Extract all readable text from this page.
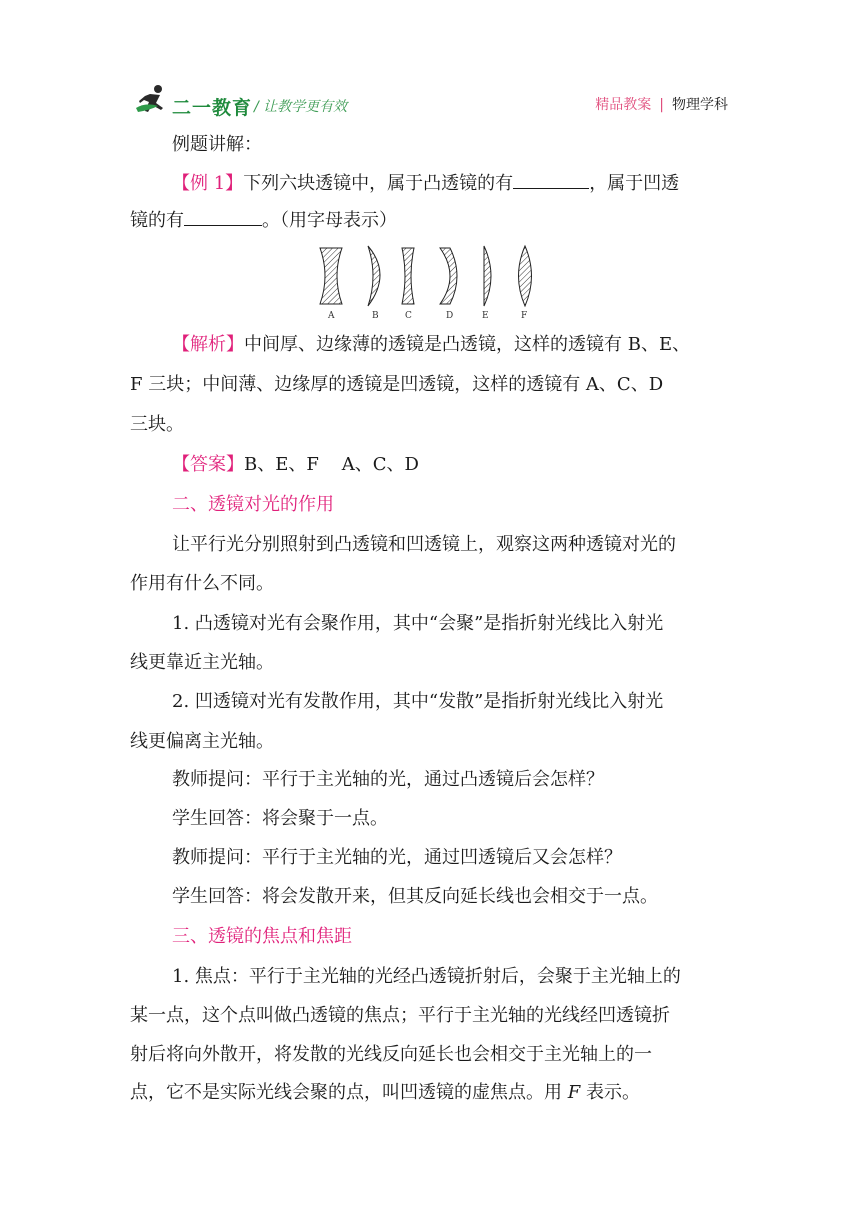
二一教育 / 让教学更有效	精品教案 | 物理学科
例题讲解：
【例 1】下列六块透镜中，属于凸透镜的有	，属于凹透
镜的有	。（用字母表示）
A	B	C	D	E	F
【解析】中间厚、边缘薄的透镜是凸透镜，这样的透镜有 B、E、
F 三块；中间薄、边缘厚的透镜是凹透镜，这样的透镜有 A、C、D
三块。
【答案】B、E、F    A、C、D
二、透镜对光的作用
让平行光分别照射到凸透镜和凹透镜上，观察这两种透镜对光的
作用有什么不同。
1. 凸透镜对光有会聚作用，其中“会聚”是指折射光线比入射光
线更靠近主光轴。
2. 凹透镜对光有发散作用，其中“发散”是指折射光线比入射光
线更偏离主光轴。
教师提问：平行于主光轴的光，通过凸透镜后会怎样？
学生回答：将会聚于一点。
教师提问：平行于主光轴的光，通过凹透镜后又会怎样？
学生回答：将会发散开来，但其反向延长线也会相交于一点。
三、透镜的焦点和焦距
1. 焦点：平行于主光轴的光经凸透镜折射后，会聚于主光轴上的
某一点，这个点叫做凸透镜的焦点；平行于主光轴的光线经凹透镜折
射后将向外散开，将发散的光线反向延长也会相交于主光轴上的一
点，它不是实际光线会聚的点，叫凹透镜的虚焦点。用 F 表示。
